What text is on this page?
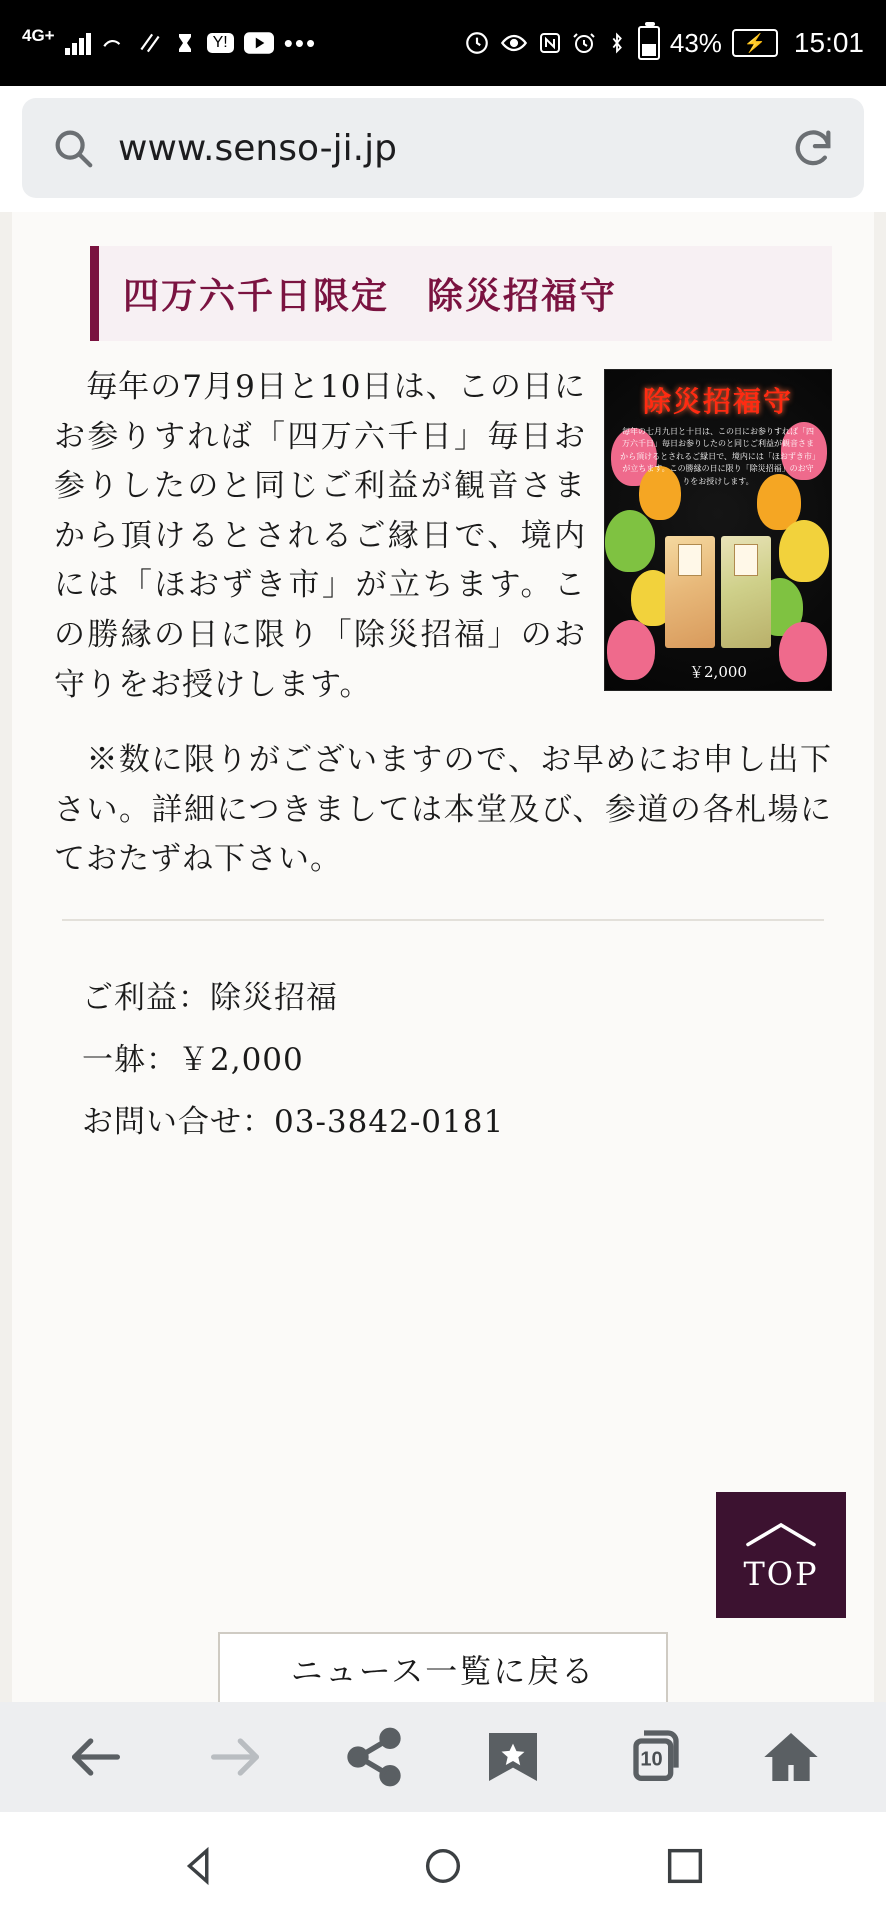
4G+	Y! •••	43%	⚡ 15:01
www.senso-ji.jp
四万六千日限定　除災招福守
除災招福守
毎年の七月九日と十日は、この日にお参りすれば「四万六千日」毎日お参りしたのと同じご利益が観音さまから頂けるとされるご縁日で、境内には「ほおずき市」が立ちます。この勝縁の日に限り「除災招福」のお守りをお授けします。
￥2,000

　毎年の7月9日と10日は、この日にお参りすれば「四万六千日」毎日お参りしたのと同じご利益が観音さまから頂けるとされるご縁日で、境内には「ほおずき市」が立ちます。この勝縁の日に限り「除災招福」のお守りをお授けします。

　※数に限りがございますので、お早めにお申し出下さい。詳細につきましては本堂及び、参道の各札場にておたずね下さい。

ご利益：除災招福
一躰：￥2,000
お問い合せ：03-3842-0181
TOP
ニュース一覧に戻る
10
